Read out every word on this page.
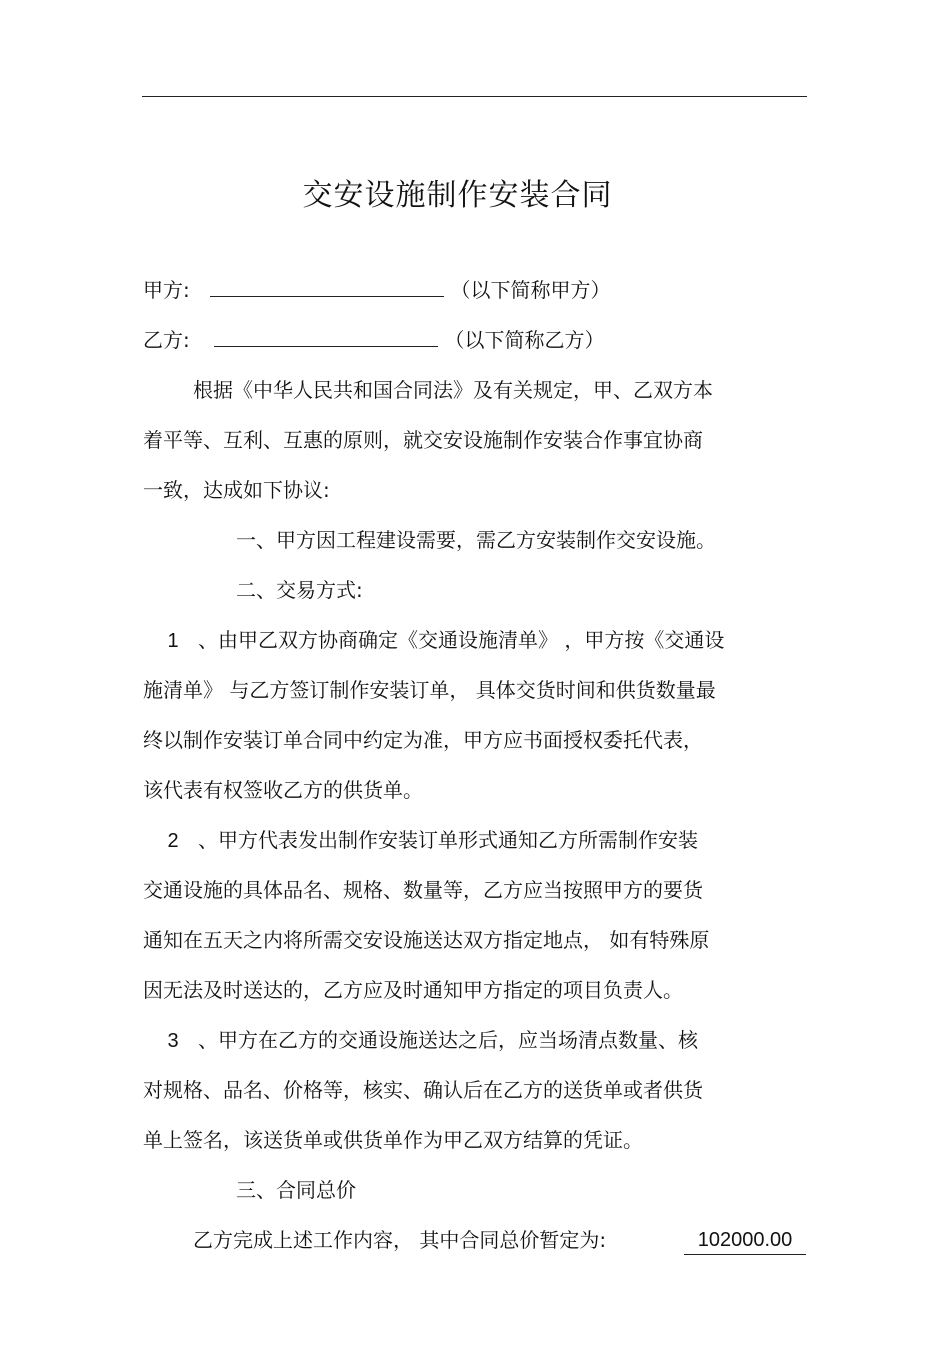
交安设施制作安装合同
甲方:	（以下简称甲方）
乙方:	（以下简称乙方）
根据《中华人民共和国合同法》及有关规定，甲、乙双方本
着平等、互利、互惠的原则，就交安设施制作安装合作事宜协商
一致，达成如下协议:
一、甲方因工程建设需要，需乙方安装制作交安设施。
二、交易方式:
1 、由甲乙双方协商确定《交通设施清单》 ，甲方按《交通设
施清单》 与乙方签订制作安装订单， 具体交货时间和供货数量最
终以制作安装订单合同中约定为准，甲方应书面授权委托代表，
该代表有权签收乙方的供货单。
2 、甲方代表发出制作安装订单形式通知乙方所需制作安装
交通设施的具体品名、规格、数量等，乙方应当按照甲方的要货
通知在五天之内将所需交安设施送达双方指定地点， 如有特殊原
因无法及时送达的，乙方应及时通知甲方指定的项目负责人。
3 、甲方在乙方的交通设施送达之后，应当场清点数量、核
对规格、品名、价格等，核实、确认后在乙方的送货单或者供货
单上签名，该送货单或供货单作为甲乙双方结算的凭证。
三、合同总价
乙方完成上述工作内容， 其中合同总价暂定为:	102000.00
